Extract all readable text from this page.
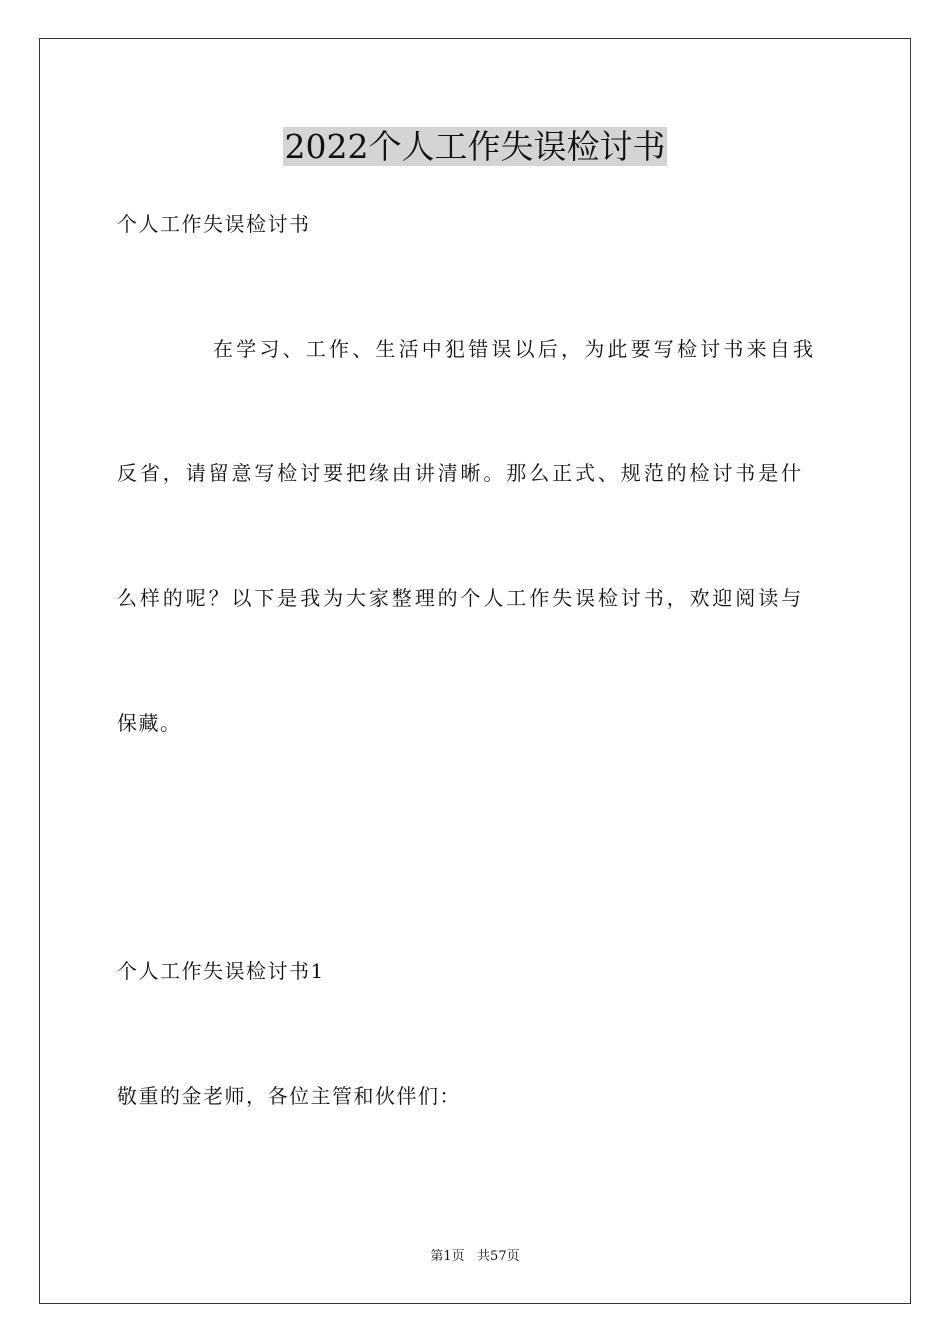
2022个人工作失误检讨书
个人工作失误检讨书
在学习、工作、生活中犯错误以后，为此要写检讨书来自我
反省，请留意写检讨要把缘由讲清晰。那么正式、规范的检讨书是什
么样的呢？以下是我为大家整理的个人工作失误检讨书，欢迎阅读与
保藏。
个人工作失误检讨书1
敬重的金老师，各位主管和伙伴们：
第1页   共57页
